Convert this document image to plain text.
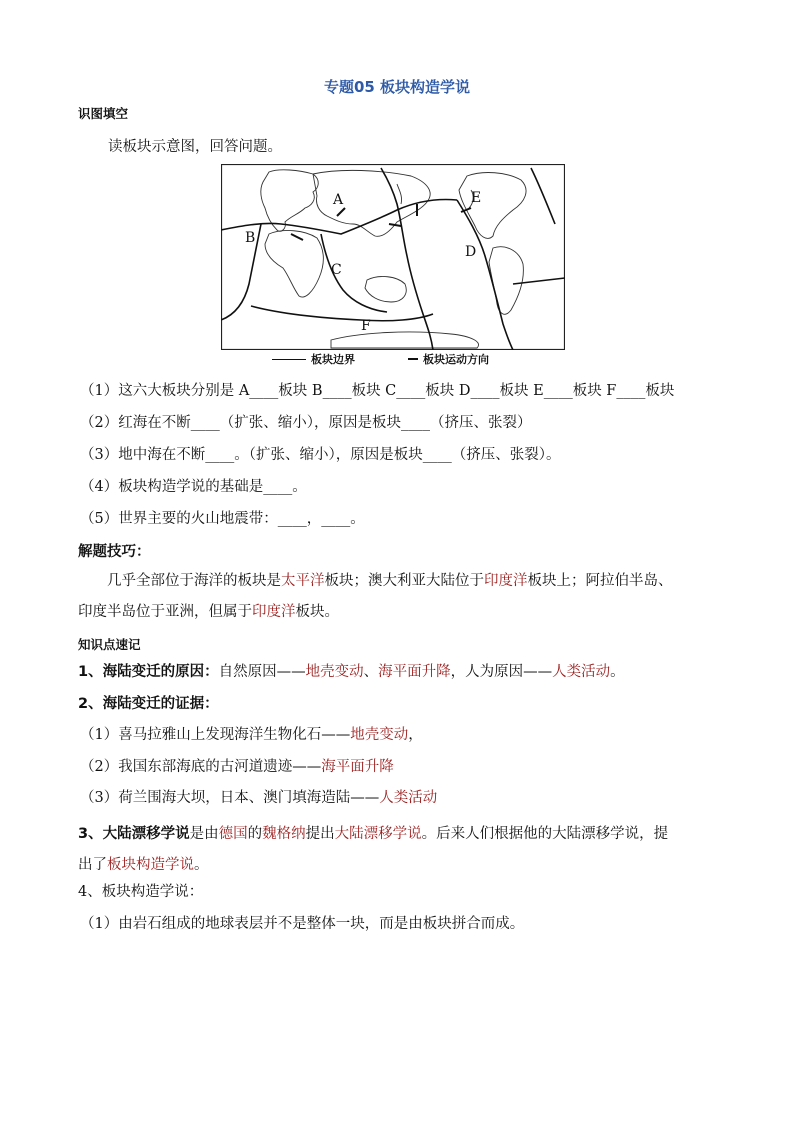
专题05 板块构造学说
识图填空
读板块示意图，回答问题。
A
B
C
D
E
F
板块边界	板块运动方向
（1）这六大板块分别是 A____板块 B____板块 C____板块 D____板块 E____板块 F____板块
（2）红海在不断____（扩张、缩小），原因是板块____（挤压、张裂）
（3）地中海在不断____。（扩张、缩小），原因是板块____（挤压、张裂）。
（4）板块构造学说的基础是____。
（5）世界主要的火山地震带：____，____。
解题技巧：
几乎全部位于海洋的板块是太平洋板块；澳大利亚大陆位于印度洋板块上；阿拉伯半岛、
印度半岛位于亚洲，但属于印度洋板块。
知识点速记
1、海陆变迁的原因：自然原因——地壳变动、海平面升降，人为原因——人类活动。
2、海陆变迁的证据：
（1）喜马拉雅山上发现海洋生物化石——地壳变动，
（2）我国东部海底的古河道遗迹——海平面升降
（3）荷兰围海大坝，日本、澳门填海造陆——人类活动
3、大陆漂移学说是由德国的魏格纳提出大陆漂移学说。后来人们根据他的大陆漂移学说，提
出了板块构造学说。
4、板块构造学说：
（1）由岩石组成的地球表层并不是整体一块，而是由板块拼合而成。
